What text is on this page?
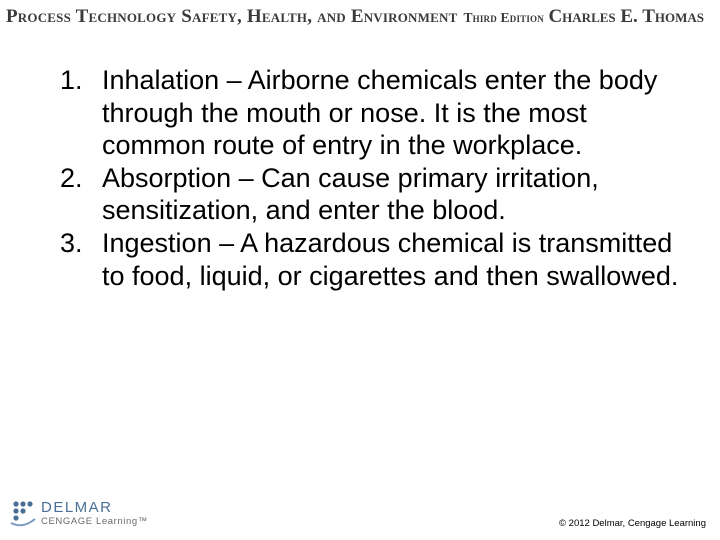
Process Technology Safety, Health, and Environment Third Edition Charles E. Thomas
1. Inhalation – Airborne chemicals enter the body through the mouth or nose. It is the most common route of entry in the workplace.
2. Absorption – Can cause primary irritation, sensitization, and enter the blood.
3. Ingestion – A hazardous chemical is transmitted to food, liquid, or cigarettes and then swallowed.
DELMAR
CENGAGE Learning™	© 2012 Delmar, Cengage Learning
